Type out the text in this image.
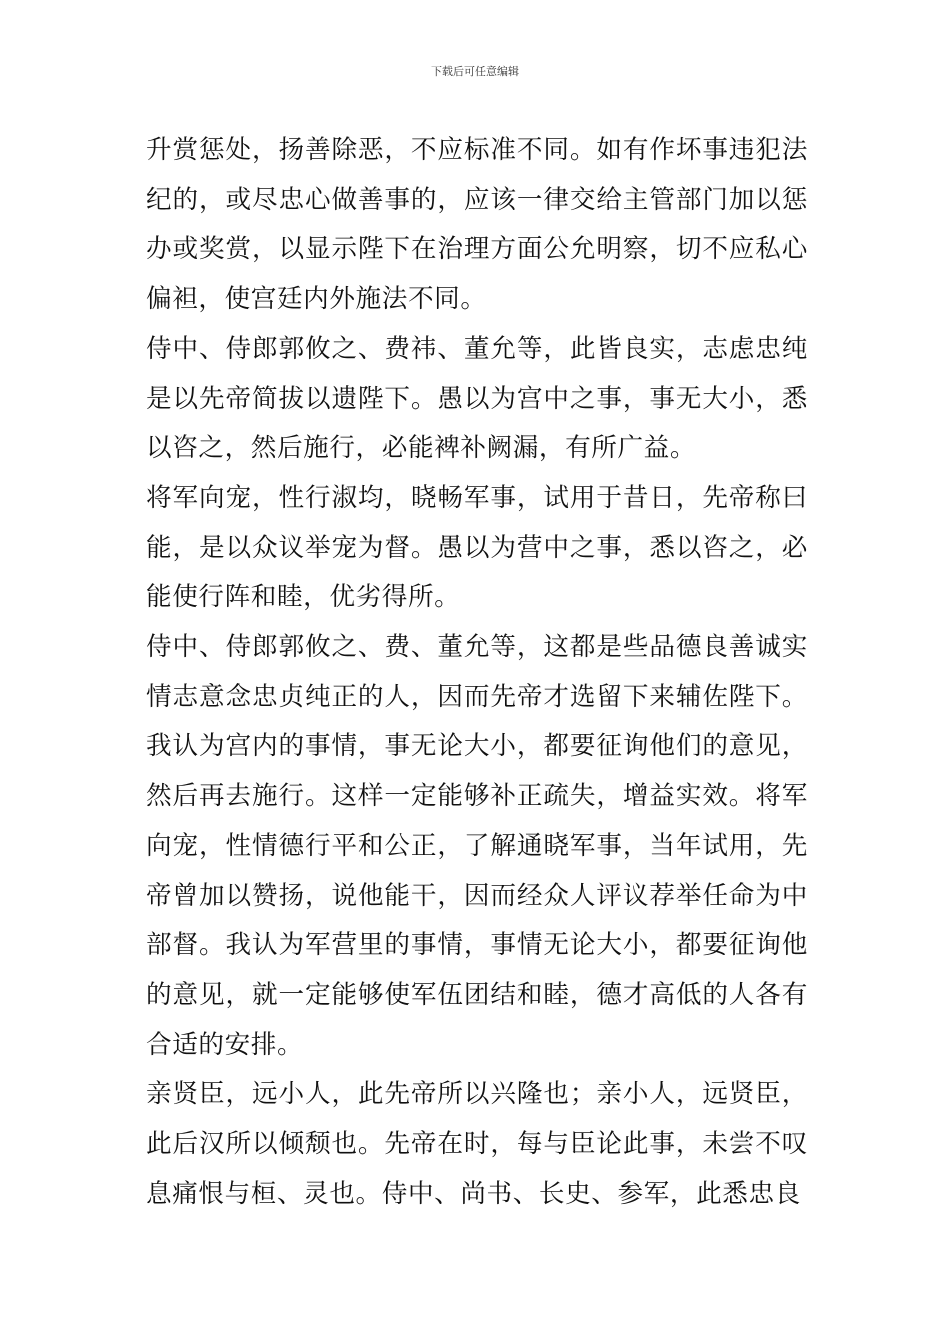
下载后可任意编辑

升赏惩处，扬善除恶，不应标准不同。如有作坏事违犯法纪的，或尽忠心做善事的，应该一律交给主管部门加以惩办或奖赏，以显示陛下在治理方面公允明察，切不应私心偏袒，使宫廷内外施法不同。

侍中、侍郎郭攸之、费祎、董允等，此皆良实，志虑忠纯是以先帝简拔以遗陛下。愚以为宫中之事，事无大小，悉以咨之，然后施行，必能裨补阙漏，有所广益。

将军向宠，性行淑均，晓畅军事，试用于昔日，先帝称曰能，是以众议举宠为督。愚以为营中之事，悉以咨之，必能使行阵和睦，优劣得所。

侍中、侍郎郭攸之、费、董允等，这都是些品德良善诚实情志意念忠贞纯正的人，因而先帝才选留下来辅佐陛下。我认为宫内的事情，事无论大小，都要征询他们的意见，然后再去施行。这样一定能够补正疏失，增益实效。将军向宠，性情德行平和公正，了解通晓军事，当年试用，先帝曾加以赞扬，说他能干，因而经众人评议荐举任命为中部督。我认为军营里的事情，事情无论大小，都要征询他的意见，就一定能够使军伍团结和睦，德才高低的人各有合适的安排。

亲贤臣，远小人，此先帝所以兴隆也；亲小人，远贤臣，此后汉所以倾颓也。先帝在时，每与臣论此事，未尝不叹息痛恨与桓、灵也。侍中、尚书、长史、参军，此悉忠良
